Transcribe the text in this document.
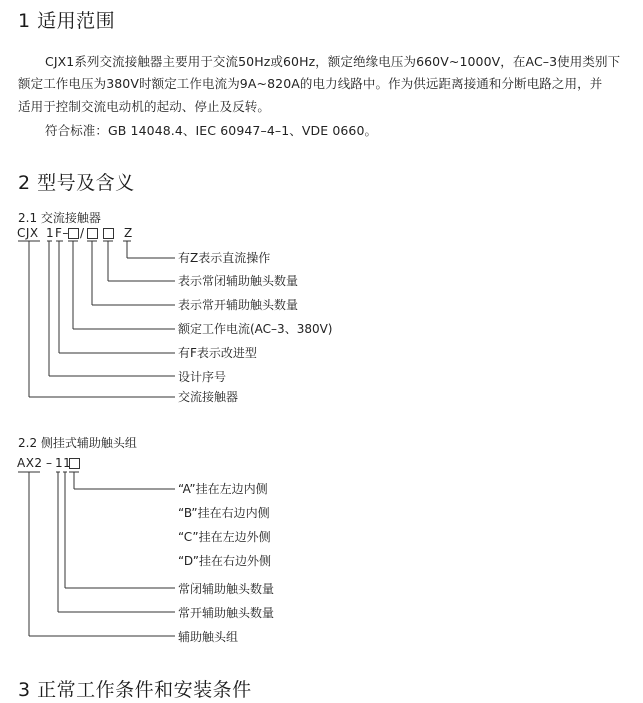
1 适用范围
CJX1系列交流接触器主要用于交流50Hz或60Hz，额定绝缘电压为660V~1000V，在AC–3使用类别下
额定工作电压为380V时额定工作电流为9A~820A的电力线路中。作为供远距离接通和分断电路之用，并
适用于控制交流电动机的起动、停止及反转。
符合标准：GB 14048.4、IEC 60947–4–1、VDE 0660。
2 型号及含义
2.1 交流接触器
CJX 1 F– /	Z
有Z表示直流操作
表示常闭辅助触头数量
表示常开辅助触头数量
额定工作电流(AC–3、380V)
有F表示改进型
设计序号
交流接触器
2.2 侧挂式辅助触头组
AX2 – 11
“A”挂在左边内侧
“B”挂在右边内侧
“C”挂在左边外侧
“D”挂在右边外侧
常闭辅助触头数量
常开辅助触头数量
辅助触头组
3 正常工作条件和安装条件
